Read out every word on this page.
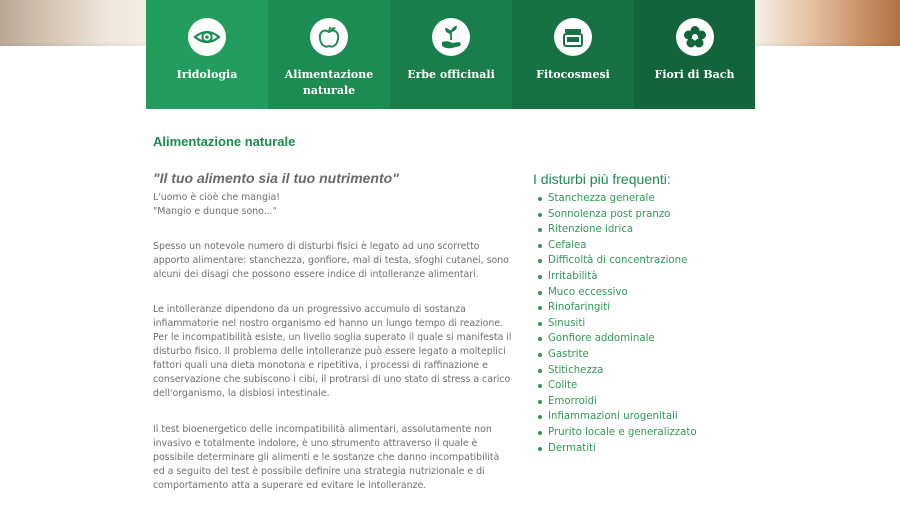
Iridologia	Alimentazione naturale
Erbe officinali	Fitocosmesi	Fiori di Bach
Alimentazione naturale
"Il tuo alimento sia il tuo nutrimento"
L'uomo è cioè che mangia!
"Mangio e dunque sono..."
Spesso un notevole numero di disturbi fisici è legato ad uno scorretto apporto alimentare: stanchezza, gonfiore, mal di testa, sfoghi cutanei, sono alcuni dei disagi che possono essere indice di intolleranze alimentari.
Le intolleranze dipendono da un progressivo accumulo di sostanza infiammatorie nel nostro organismo ed hanno un lungo tempo di reazione. Per le incompatibilità esiste, un livello soglia superato il quale si manifesta il disturbo fisico. Il problema delle intolleranze può essere legato a molteplici fattori quali una dieta monotona e ripetitiva, i processi di raffinazione e conservazione che subiscono i cibi, il protrarsi di uno stato di stress a carico dell'organismo, la disbiosi intestinale.
Il test bioenergetico delle incompatibilità alimentari, assolutamente non invasivo e totalmente indolore, è uno strumento attraverso il quale è possibile determinare gli alimenti e le sostanze che danno incompatibilità ed a seguito del test è possibile definire una strategia nutrizionale e di comportamento atta a superare ed evitare le intolleranze.
I disturbi più frequenti:
Stanchezza generale
Sonnolenza post pranzo
Ritenzione idrica
Cefalea
Difficoltà di concentrazione
Irritabilità
Muco eccessivo
Rinofaringiti
Sinusiti
Gonfiore addominale
Gastrite
Stitichezza
Colite
Emorroidi
Infiammazioni urogenitali
Prurito locale e generalizzato
Dermatiti
